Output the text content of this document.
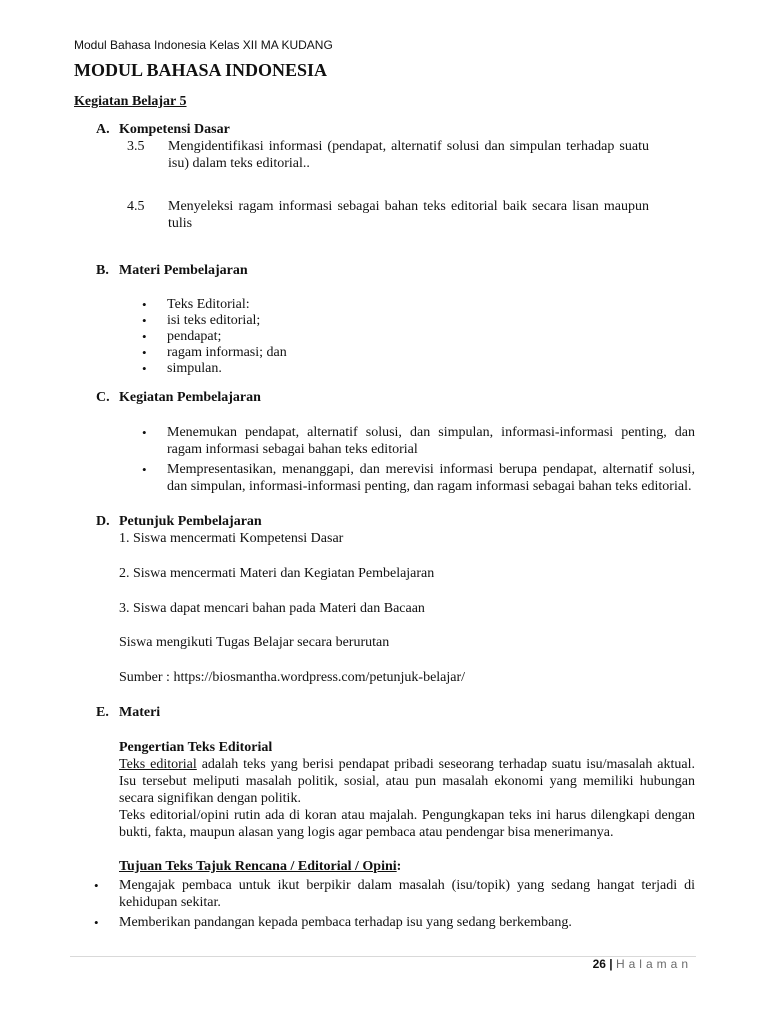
Modul Bahasa Indonesia Kelas XII MA KUDANG
MODUL BAHASA INDONESIA
Kegiatan Belajar 5
A. Kompetensi Dasar
3.5 Mengidentifikasi informasi (pendapat, alternatif solusi dan simpulan terhadap suatu isu) dalam teks editorial..
4.5 Menyeleksi ragam informasi sebagai bahan teks editorial baik secara lisan maupun tulis
B. Materi Pembelajaran
• Teks Editorial:
• isi teks editorial;
• pendapat;
• ragam informasi; dan
• simpulan.
C. Kegiatan Pembelajaran
• Menemukan pendapat, alternatif solusi, dan simpulan, informasi-informasi penting, dan ragam informasi sebagai bahan teks editorial
• Mempresentasikan, menanggapi, dan merevisi informasi berupa pendapat, alternatif solusi, dan simpulan, informasi-informasi penting, dan ragam informasi sebagai bahan teks editorial.
D. Petunjuk Pembelajaran
1. Siswa mencermati Kompetensi Dasar
2. Siswa mencermati Materi dan Kegiatan Pembelajaran
3. Siswa dapat mencari bahan pada Materi dan Bacaan
Siswa mengikuti Tugas Belajar secara berurutan
Sumber : https://biosmantha.wordpress.com/petunjuk-belajar/
E. Materi
Pengertian Teks Editorial
Teks editorial adalah teks yang berisi pendapat pribadi seseorang terhadap suatu isu/masalah aktual. Isu tersebut meliputi masalah politik, sosial, atau pun masalah ekonomi yang memiliki hubungan secara signifikan dengan politik.
Teks editorial/opini rutin ada di koran atau majalah. Pengungkapan teks ini harus dilengkapi dengan bukti, fakta, maupun alasan yang logis agar pembaca atau pendengar bisa menerimanya.
Tujuan Teks Tajuk Rencana / Editorial / Opini:
• Mengajak pembaca untuk ikut berpikir dalam masalah (isu/topik) yang sedang hangat terjadi di kehidupan sekitar.
• Memberikan pandangan kepada pembaca terhadap isu yang sedang berkembang.
26 | Halaman
